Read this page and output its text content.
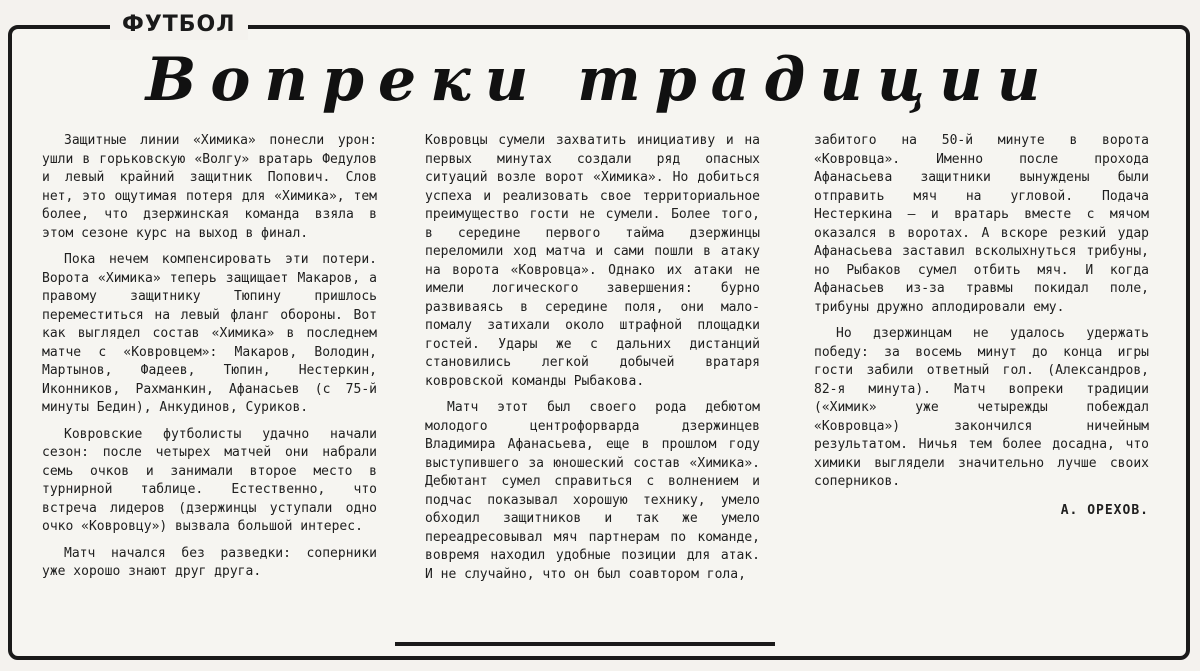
ФУТБОЛ
Вопреки традиции

Защитные линии «Химика» понесли урон: ушли в горьковскую «Волгу» вратарь Федулов и левый крайний защитник Попович. Слов нет, это ощутимая потеря для «Химика», тем более, что дзержинская команда взяла в этом сезоне курс на выход в финал.

Пока нечем компенсировать эти потери. Ворота «Химика» теперь защищает Макаров, а правому защитнику Тюпину пришлось переместиться на левый фланг обороны. Вот как выглядел состав «Химика» в последнем матче с «Ковровцем»: Макаров, Володин, Мартынов, Фадеев, Тюпин, Нестеркин, Иконников, Рахманкин, Афанасьев (с 75-й минуты Бедин), Анкудинов, Суриков.

Ковровские футболисты удачно начали сезон: после четырех матчей они набрали семь очков и занимали второе место в турнирной таблице. Естественно, что встреча лидеров (дзержинцы уступали одно очко «Ковровцу») вызвала большой интерес.

Матч начался без разведки: соперники уже хорошо знают друг друга.

Ковровцы сумели захватить инициативу и на первых минутах создали ряд опасных ситуаций возле ворот «Химика». Но добиться успеха и реализовать свое территориальное преимущество гости не сумели. Более того, в середине первого тайма дзержинцы переломили ход матча и сами пошли в атаку на ворота «Ковровца». Однако их атаки не имели логического завершения: бурно развиваясь в середине поля, они мало-помалу затихали около штрафной площадки гостей. Удары же с дальних дистанций становились легкой добычей вратаря ковровской команды Рыбакова.

Матч этот был своего рода дебютом молодого центрофорварда дзержинцев Владимира Афанасьева, еще в прошлом году выступившего за юношеский состав «Химика». Дебютант сумел справиться с волнением и подчас показывал хорошую технику, умело обходил защитников и так же умело переадресовывал мяч партнерам по команде, вовремя находил удобные позиции для атак. И не случайно, что он был соавтором гола,

забитого на 50-й минуте в ворота «Ковровца». Именно после прохода Афанасьева защитники вынуждены были отправить мяч на угловой. Подача Нестеркина — и вратарь вместе с мячом оказался в воротах. А вскоре резкий удар Афанасьева заставил всколыхнуться трибуны, но Рыбаков сумел отбить мяч. И когда Афанасьев из-за травмы покидал поле, трибуны дружно аплодировали ему.

Но дзержинцам не удалось удержать победу: за восемь минут до конца игры гости забили ответный гол. (Александров, 82-я минута). Матч вопреки традиции («Химик» уже четырежды побеждал «Ковровца») закончился ничейным результатом. Ничья тем более досадна, что химики выглядели значительно лучше своих соперников.

А. ОРЕХОВ.
